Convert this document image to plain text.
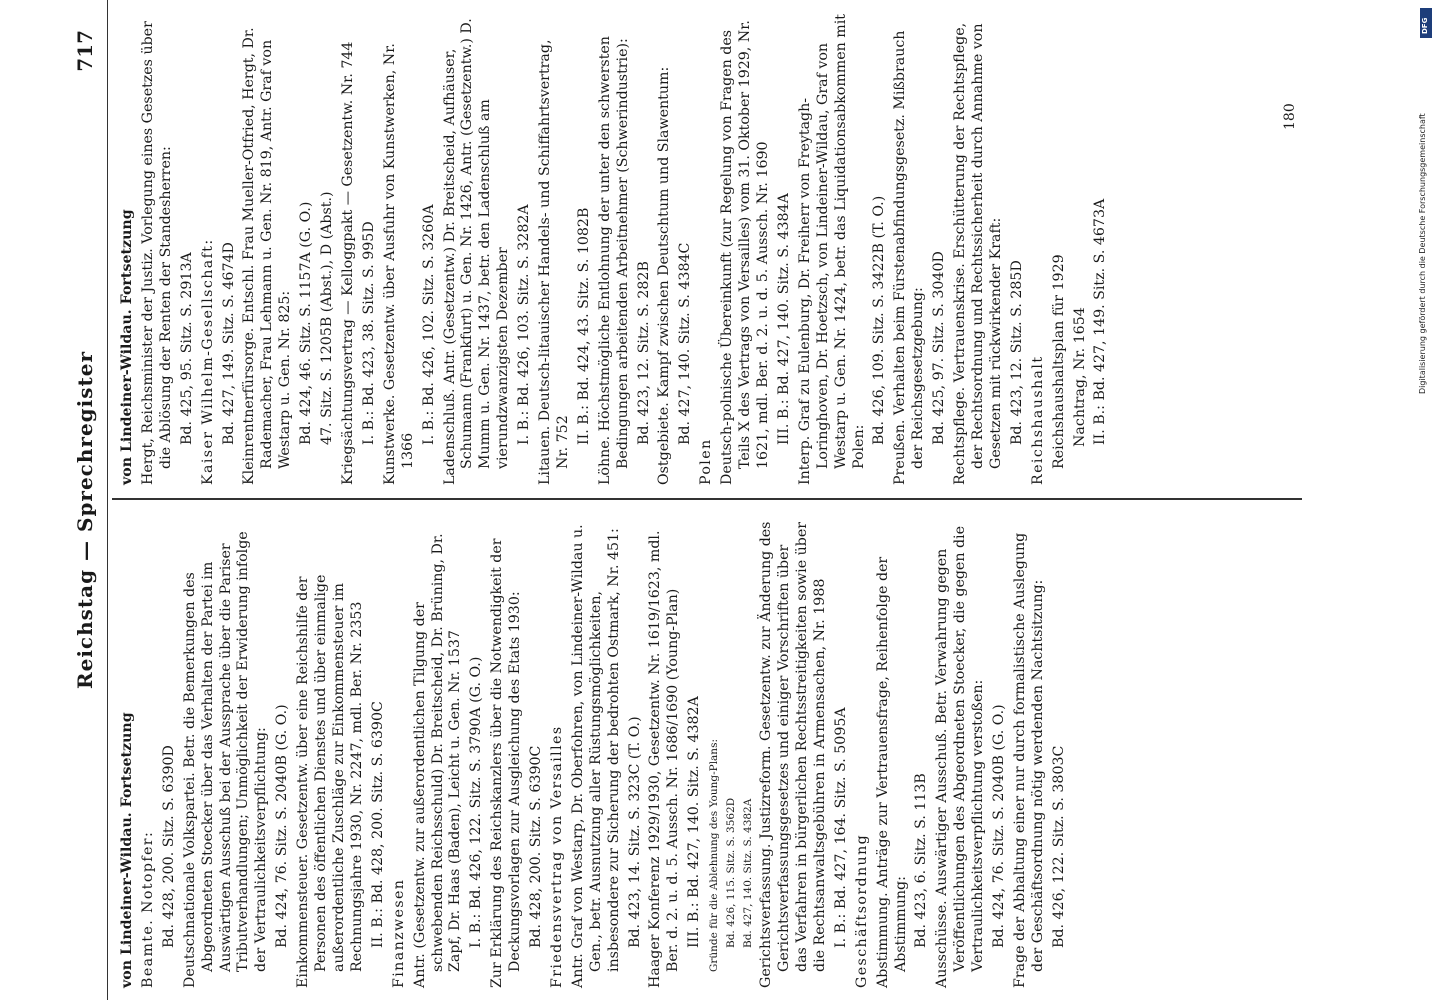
Reichstag — Sprechregister
717
von Lindeiner-Wildau. Fortsetzung Beamte. Notopfer: Bd. 428, 200. Sitz. S. 6390D Deutschnationale Volkspartei. Betr. die Bemerkungen des Abgeordneten Stoecker über das Verhalten der Partei im Auswärtigen Ausschuß bei der Aussprache über die Pariser Tributverhandlungen; Unmöglichkeit der Erwiderung infolge der Vertraulichkeitsverpflichtung: Bd. 424, 76. Sitz. S. 2040B (G. O.) Einkommensteuer. Gesetzentw. über eine Reichshilfe der Personen des öffentlichen Dienstes und über einmalige außerordentliche Zuschläge zur Einkommensteuer im Rechnungsjahre 1930, Nr. 2247, mdl. Ber. Nr. 2353 II. B.: Bd. 428, 200. Sitz. S. 6390C Finanzwesen Antr. (Gesetzentw. zur außerordentlichen Tilgung der schwebenden Reichsschuld) Dr. Breitscheid, Dr. Brüning, Dr. Zapf, Dr. Haas (Baden), Leicht u. Gen. Nr. 1537 I. B.: Bd. 426, 122. Sitz. S. 3790A (G. O.) Zur Erklärung des Reichskanzlers über die Notwendigkeit der Deckungsvorlagen zur Ausgleichung des Etats 1930: Bd. 428, 200. Sitz. S. 6390C Friedensvertrag von Versailles Antr. Graf von Westarp, Dr. Oberfohren, von Lindeiner-Wildau u. Gen., betr. Ausnutzung aller Rüstungsmöglichkeiten, insbesondere zur Sicherung der bedrohten Ostmark, Nr. 451: Bd. 423, 14. Sitz. S. 323C (T. O.) Haager Konferenz 1929/1930, Gesetzentw. Nr. 1619/1623, mdl. Ber. d. 2. u. d. 5. Aussch. Nr. 1686/1690 (Young-Plan) III. B.: Bd. 427, 140. Sitz. S. 4382A Gründe für die Ablehnung des Young-Plans: Bd. 426, 115. Sitz. S. 3562D Bd. 427, 140. Sitz. S. 4382A Gerichtsverfassung. Justizreform. Gesetzentw. zur Änderung des Gerichtsverfassungsgesetzes und einiger Vorschriften über das Verfahren in bürgerlichen Rechtsstreitigkeiten sowie über die Rechtsanwaltsgebühren in Armensachen, Nr. 1988 I. B.: Bd. 427, 164. Sitz. S. 5095A Geschäftsordnung Abstimmung. Anträge zur Vertrauensfrage, Reihenfolge der Abstimmung: Bd. 423, 6. Sitz. S. 113B Ausschüsse. Auswärtiger Ausschuß. Betr. Verwahrung gegen Veröffentlichungen des Abgeordneten Stoecker, die gegen die Vertraulichkeitsverpflichtung verstoßen: Bd. 424, 76. Sitz. S. 2040B (G. O.) Frage der Abhaltung einer nur durch formalistische Auslegung der Geschäftsordnung nötig werdenden Nachtsitzung: Bd. 426, 122. Sitz. S. 3803C
von Lindeiner-Wildau. Fortsetzung Hergt, Reichsminister der Justiz. Vorlegung eines Gesetzes über die Ablösung der Renten der Standesherren: Bd. 425, 95. Sitz. S. 2913A Kaiser Wilhelm-Gesellschaft: Bd. 427, 149. Sitz. S. 4674D Kleinrentnerfürsorge. Entschl. Frau Mueller-Otfried, Hergt, Dr. Rademacher, Frau Lehmann u. Gen. Nr. 819, Antr. Graf von Westarp u. Gen. Nr. 825: Bd. 424, 46. Sitz. S. 1157A (G. O.) 47. Sitz. S. 1205B (Abst.), D (Abst.) Kriegsächtungsvertrag — Kelloggpakt — Gesetzentw. Nr. 744 I. B.: Bd. 423, 38. Sitz. S. 995D Kunstwerke. Gesetzentw. über Ausfuhr von Kunstwerken, Nr. 1366
I. B.: Bd. 426, 102. Sitz. S. 3260A Ladenschluß. Antr. (Gesetzentw.) Dr. Breitscheid, Aufhäuser, Schumann (Frankfurt) u. Gen. Nr. 1426, Antr. (Gesetzentw.) D. Mumm u. Gen. Nr. 1437, betr. den Ladenschluß am vierundzwanzigsten Dezember I. B.: Bd. 426, 103. Sitz. S. 3282A Litauen. Deutsch-litauischer Handels- und Schiffahrtsvertrag, Nr. 752 II. B.: Bd. 424, 43. Sitz. S. 1082B Löhne. Höchstmögliche Entlohnung der unter den schwersten Bedingungen arbeitenden Arbeitnehmer (Schwerindustrie): Bd. 423, 12. Sitz. S. 282B Ostgebiete. Kampf zwischen Deutschtum und Slawentum: Bd. 427, 140. Sitz. S. 4384C
Polen Deutsch-polnische Übereinkunft (zur Regelung von Fragen des Teils X des Vertrags von Versailles) vom 31. Oktober 1929, Nr. 1621, mdl. Ber. d. 2. u. d. 5. Aussch. Nr. 1690 III. B.: Bd. 427, 140. Sitz. S. 4384A Interp. Graf zu Eulenburg, Dr. Freiherr von Freytagh-Loringhoven, Dr. Hoetzsch, von Lindeiner-Wildau, Graf von Westarp u. Gen. Nr. 1424, betr. das Liquidationsabkommen mit Polen:
Bd. 426, 109. Sitz. S. 3422B (T. O.) Preußen. Verhalten beim Fürstenabfindungsgesetz. Mißbrauch der Reichsgesetzgebung: Bd. 425, 97. Sitz. S. 3040D Rechtspflege. Vertrauenskrise. Erschütterung der Rechtspflege, der Rechtsordnung und Rechtssicherheit durch Annahme von Gesetzen mit rückwirkender Kraft: Bd. 423, 12. Sitz. S. 285D Reichshaushalt Reichshaushaltsplan für 1929 Nachtrag, Nr. 1654 II. B.: Bd. 427, 149. Sitz. S. 4673A
180
DFG
Digitalisierung gefördert durch die Deutsche Forschungsgemeinschaft
